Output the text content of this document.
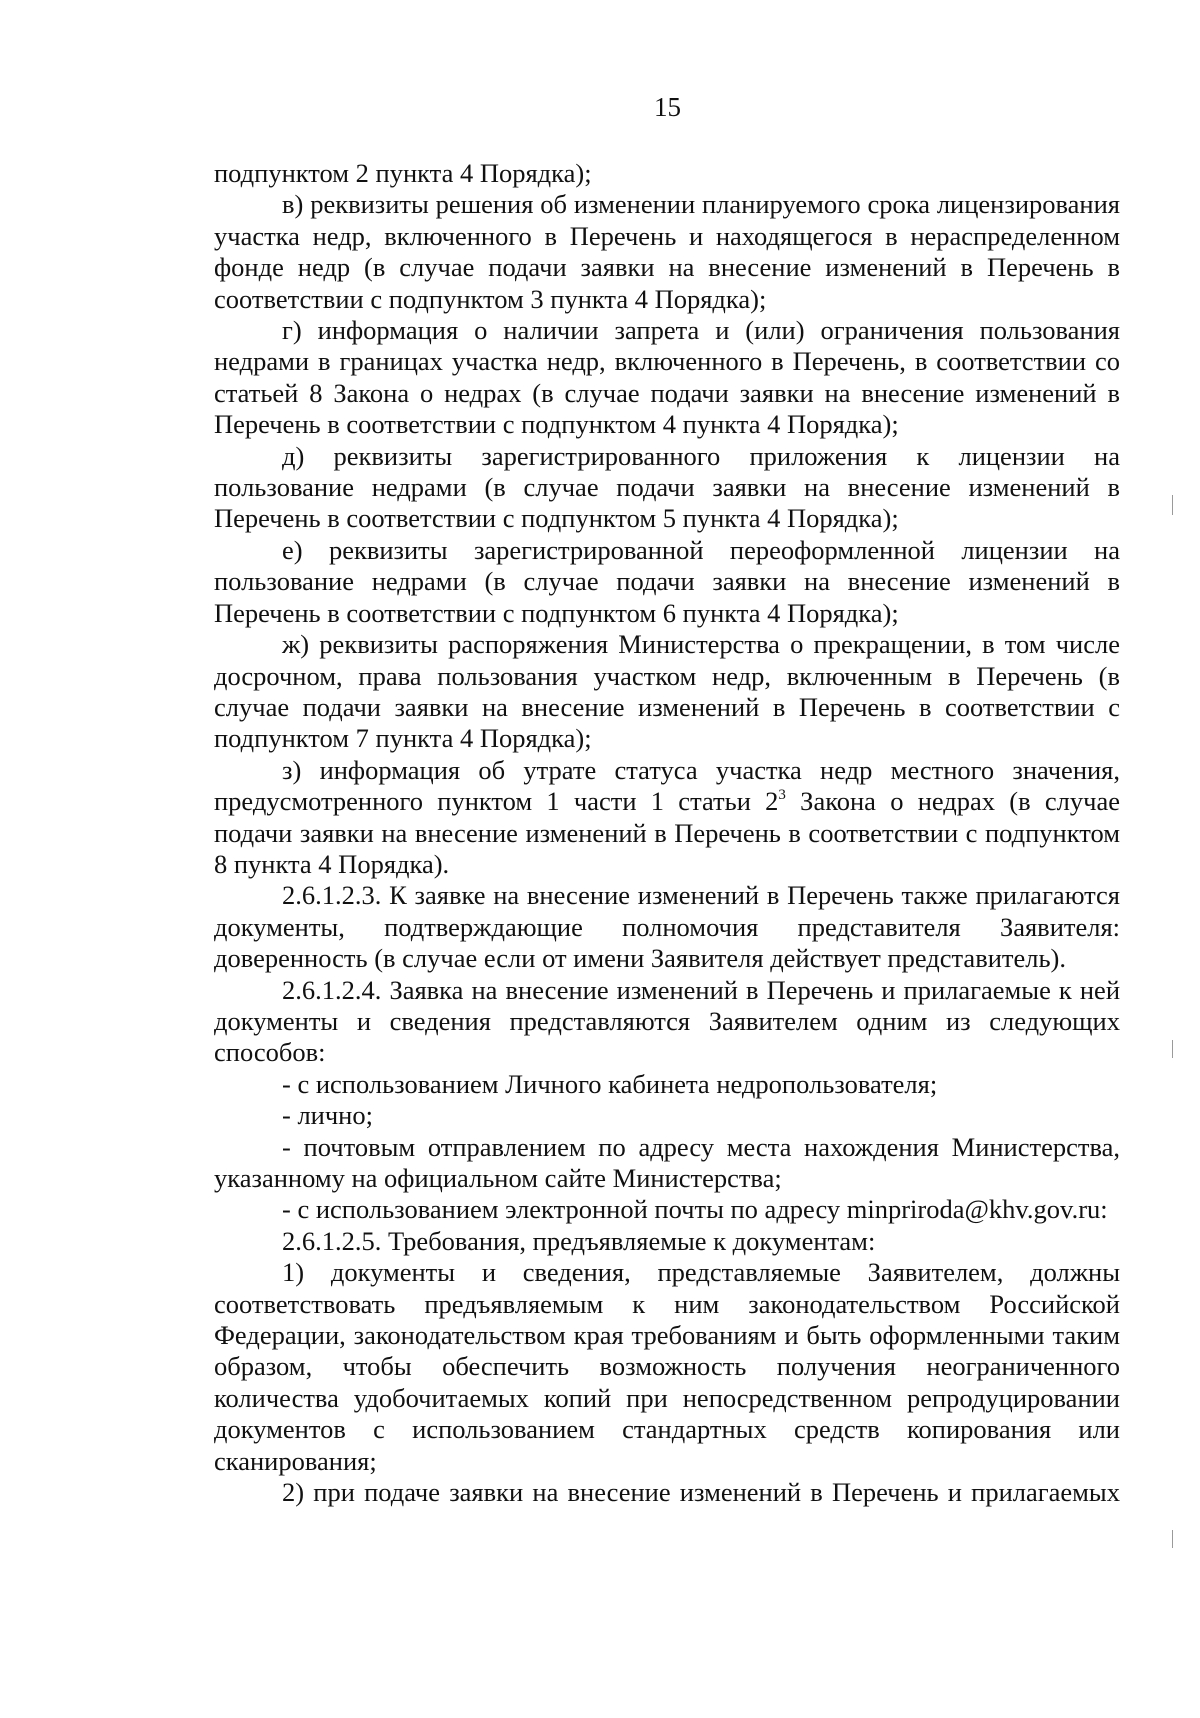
15

подпунктом 2 пункта 4 Порядка);

в) реквизиты решения об изменении планируемого срока лицензирования участка недр, включенного в Перечень и находящегося в нераспределенном фонде недр (в случае подачи заявки на внесение изменений в Перечень в соответствии с подпунктом 3 пункта 4 Порядка);

г) информация о наличии запрета и (или) ограничения пользования недрами в границах участка недр, включенного в Перечень, в соответствии со статьей 8 Закона о недрах (в случае подачи заявки на внесение изменений в Перечень в соответствии с подпунктом 4 пункта 4 Порядка);

д) реквизиты зарегистрированного приложения к лицензии на пользование недрами (в случае подачи заявки на внесение изменений в Перечень в соответствии с подпунктом 5 пункта 4 Порядка);

е) реквизиты зарегистрированной переоформленной лицензии на пользование недрами (в случае подачи заявки на внесение изменений в Перечень в соответствии с подпунктом 6 пункта 4 Порядка);

ж) реквизиты распоряжения Министерства о прекращении, в том числе досрочном, права пользования участком недр, включенным в Перечень (в случае подачи заявки на внесение изменений в Перечень в соответствии с подпунктом 7 пункта 4 Порядка);

з) информация об утрате статуса участка недр местного значения, предусмотренного пунктом 1 части 1 статьи $2^3$ Закона о недрах (в случае подачи заявки на внесение изменений в Перечень в соответствии с подпунктом 8 пункта 4 Порядка).

2.6.1.2.3. К заявке на внесение изменений в Перечень также прилагаются документы, подтверждающие полномочия представителя Заявителя: доверенность (в случае если от имени Заявителя действует представитель).

2.6.1.2.4. Заявка на внесение изменений в Перечень и прилагаемые к ней документы и сведения представляются Заявителем одним из следующих способов:

- с использованием Личного кабинета недропользователя;

- лично;

- почтовым отправлением по адресу места нахождения Министерства, указанному на официальном сайте Министерства;

- с использованием электронной почты по адресу minpriroda@khv.gov.ru:

2.6.1.2.5. Требования, предъявляемые к документам:

1) документы и сведения, представляемые Заявителем, должны соответствовать предъявляемым к ним законодательством Российской Федерации, законодательством края требованиям и быть оформленными таким образом, чтобы обеспечить возможность получения неограниченного количества удобочитаемых копий при непосредственном репродуцировании документов с использованием стандартных средств копирования или сканирования;

2) при подаче заявки на внесение изменений в Перечень и прилагаемых
